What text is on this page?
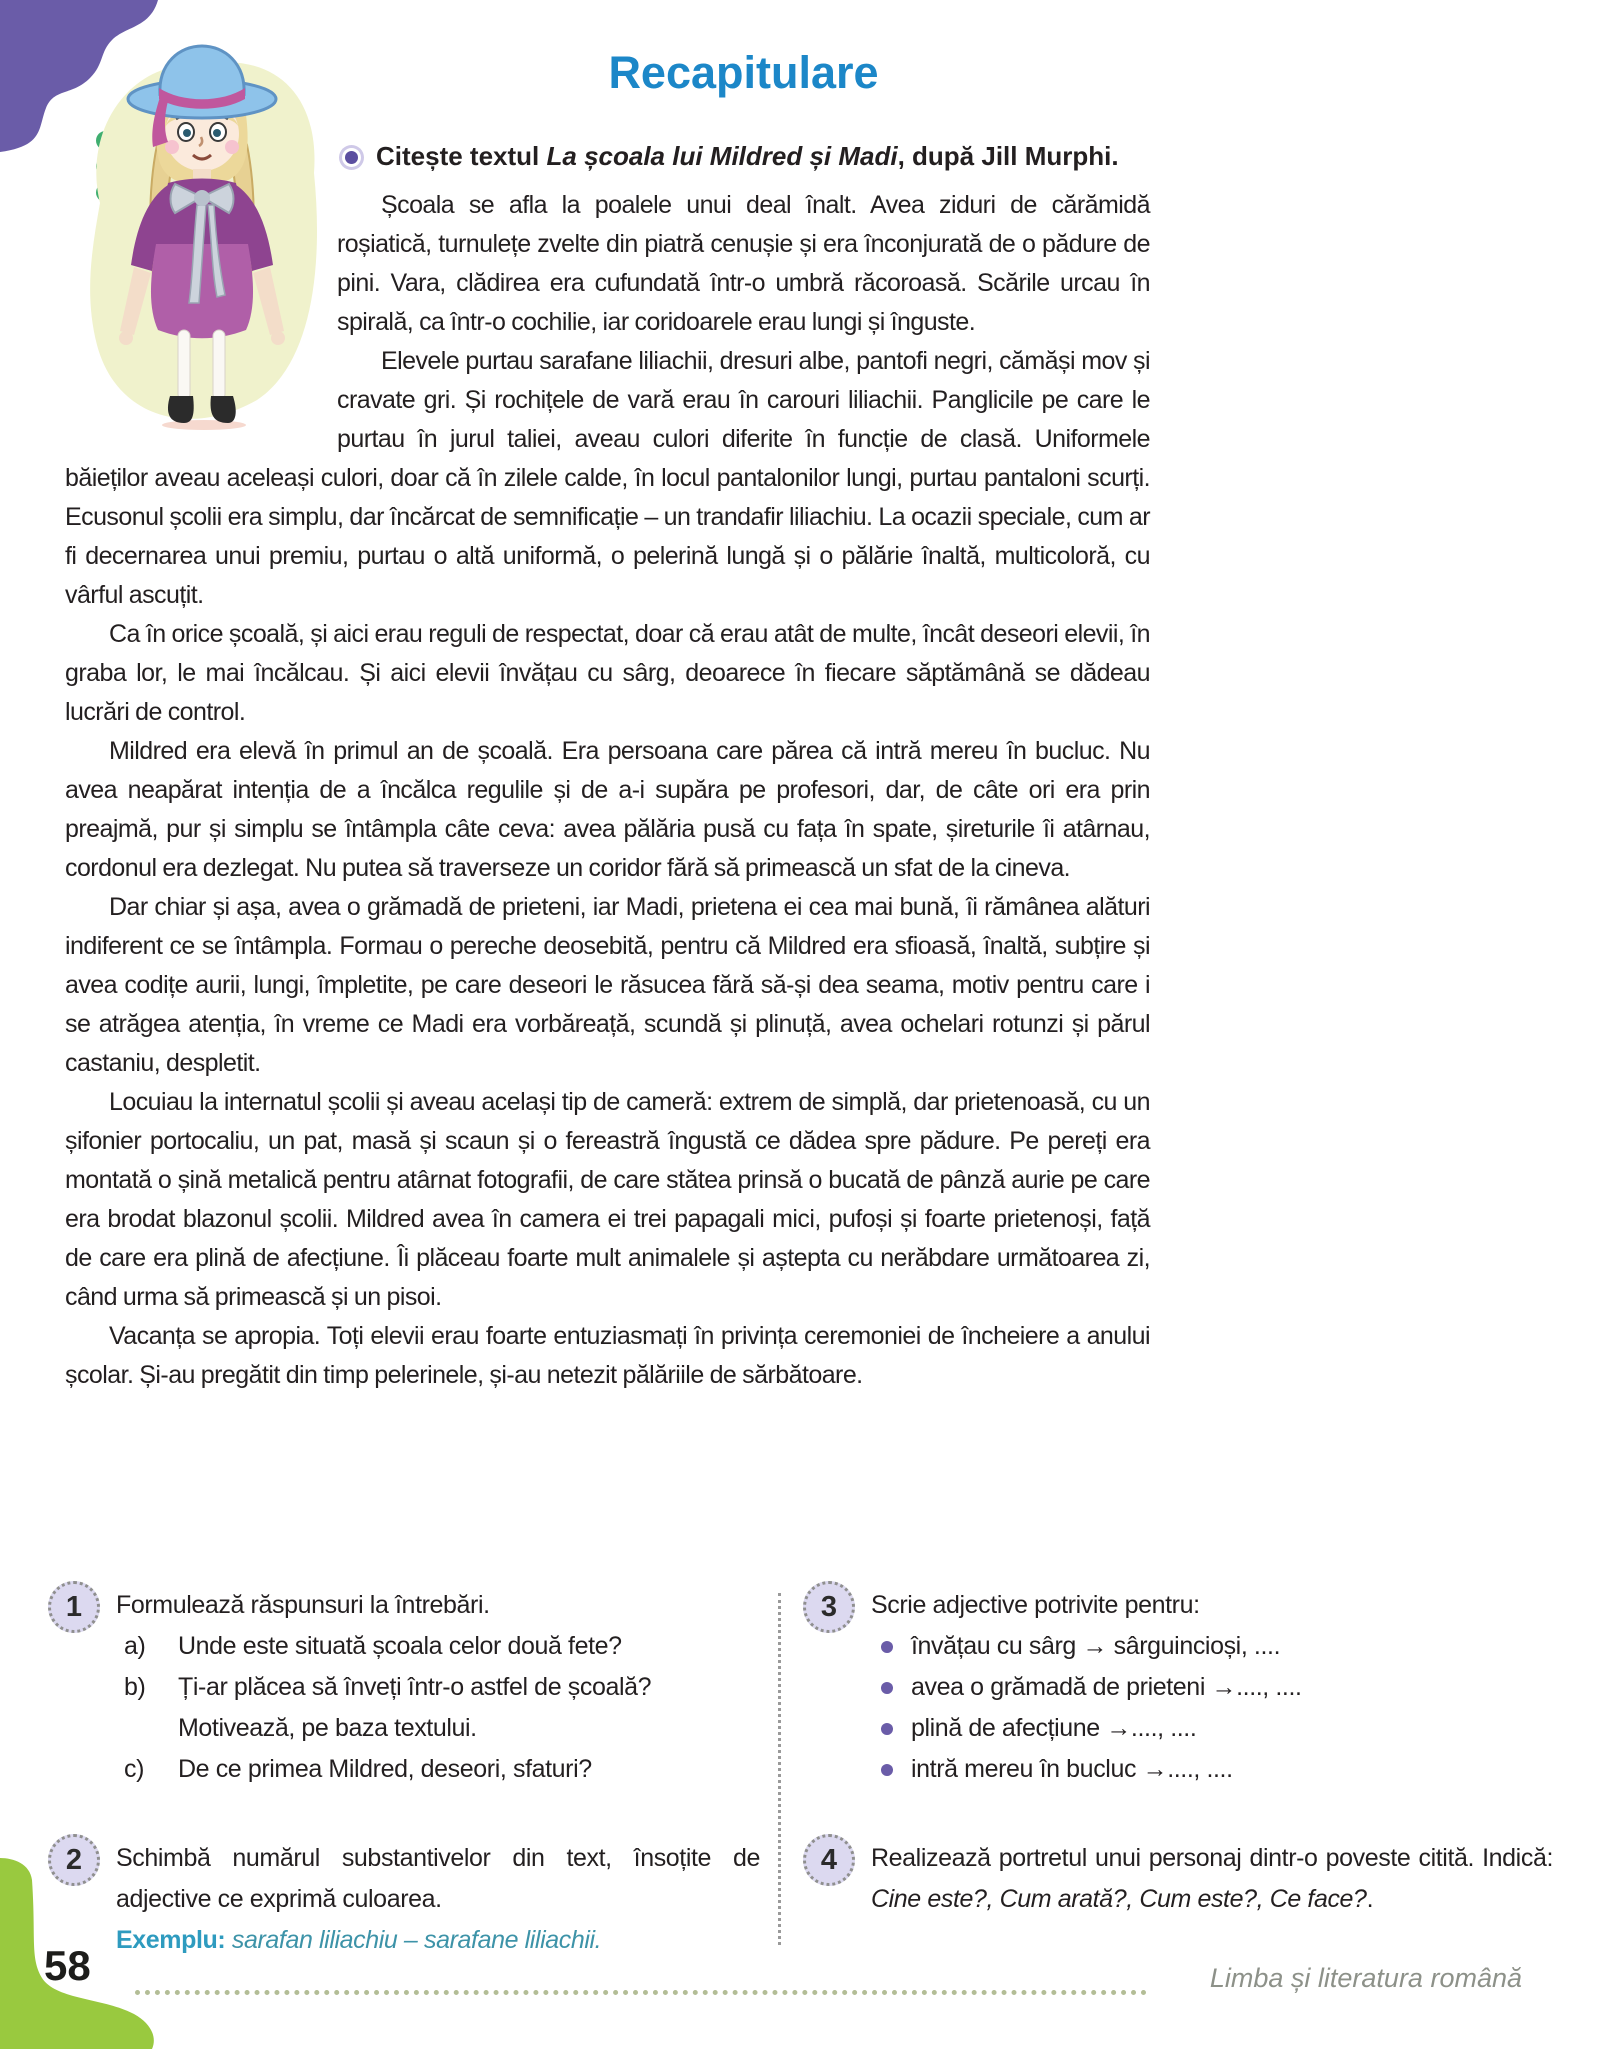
Recapitulare
Citește textul La școala lui Mildred și Madi, după Jill Murphi.

Școala se afla la poalele unui deal înalt. Avea ziduri de cărămidă roșiatică, turnulețe zvelte din piatră cenușie și era înconjurată de o pădure de pini. Vara, clădirea era cufundată într-o umbră răcoroasă. Scările urcau în spirală, ca într-o cochilie, iar coridoarele erau lungi și înguste.

Elevele purtau sarafane liliachii, dresuri albe, pantofi negri, cămăși mov și cravate gri. Și rochițele de vară erau în carouri liliachii. Panglicile pe care le purtau în jurul taliei, aveau culori diferite în funcție de clasă. Uniformele băieților aveau aceleași culori, doar că în zilele calde, în locul pantalonilor lungi, purtau pantaloni scurți. Ecusonul școlii era simplu, dar încărcat de semnificație – un trandafir liliachiu. La ocazii speciale, cum ar fi decernarea unui premiu, purtau o altă uniformă, o pelerină lungă și o pălărie înaltă, multicoloră, cu vârful ascuțit.

Ca în orice școală, și aici erau reguli de respectat, doar că erau atât de multe, încât deseori elevii, în graba lor, le mai încălcau. Și aici elevii învățau cu sârg, deoarece în fiecare săptămână se dădeau lucrări de control.

Mildred era elevă în primul an de școală. Era persoana care părea că intră mereu în bucluc. Nu avea neapărat intenția de a încălca regulile și de a-i supăra pe profesori, dar, de câte ori era prin preajmă, pur și simplu se întâmpla câte ceva: avea pălăria pusă cu fața în spate, șireturile îi atârnau, cordonul era dezlegat. Nu putea să traverseze un coridor fără să primească un sfat de la cineva.

Dar chiar și așa, avea o grămadă de prieteni, iar Madi, prietena ei cea mai bună, îi rămânea alături indiferent ce se întâmpla. Formau o pereche deosebită, pentru că Mildred era sfioasă, înaltă, subțire și avea codițe aurii, lungi, împletite, pe care deseori le răsucea fără să-și dea seama, motiv pentru care i se atrăgea atenția, în vreme ce Madi era vorbăreață, scundă și plinuță, avea ochelari rotunzi și părul castaniu, despletit.

Locuiau la internatul școlii și aveau același tip de cameră: extrem de simplă, dar prietenoasă, cu un șifonier portocaliu, un pat, masă și scaun și o fereastră îngustă ce dădea spre pădure. Pe pereți era montată o șină metalică pentru atârnat fotografii, de care stătea prinsă o bucată de pânză aurie pe care era brodat blazonul școlii. Mildred avea în camera ei trei papagali mici, pufoși și foarte prietenoși, față de care era plină de afecțiune. Îi plăceau foarte mult animalele și aștepta cu nerăbdare următoarea zi, când urma să primească și un pisoi.

Vacanța se apropia. Toți elevii erau foarte entuziasmați în privința ceremoniei de încheiere a anului școlar. Și-au pregătit din timp pelerinele, și-au netezit pălăriile de sărbătoare.

1	Formulează răspunsuri la întrebări.
a)	Unde este situată școala celor două fete?
b)	Ți-ar plăcea să înveți într-o astfel de școală? Motivează, pe baza textului.
c)	De ce primea Mildred, deseori, sfaturi?
2	Schimbă numărul substantivelor din text, însoțite de adjective ce exprimă culoarea.
Exemplu: sarafan liliachiu – sarafane liliachii.
3	Scrie adjective potrivite pentru:
învățau cu sârg → sârguincioși, ....
avea o grămadă de prieteni →...., ....
plină de afecțiune →...., ....
intră mereu în bucluc →...., ....
4	Realizează portretul unui personaj dintr-o poveste citită. Indică: Cine este?, Cum arată?, Cum este?, Ce face?.
58	Limba și literatura română
